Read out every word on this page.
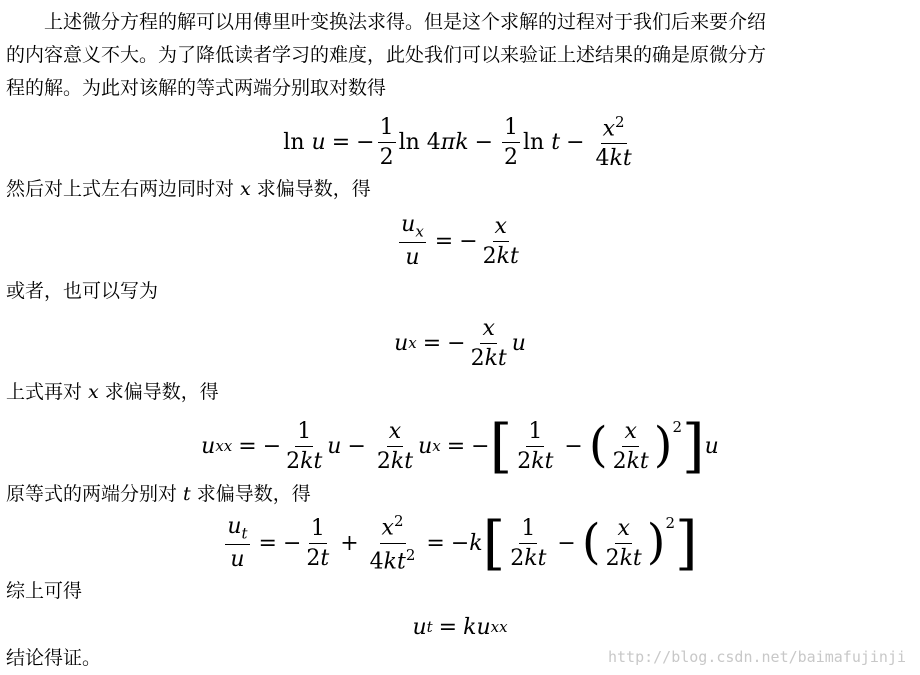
上述微分方程的解可以用傅里叶变换法求得。但是这个求解的过程对于我们后来要介绍
的内容意义不大。为了降低读者学习的难度，此处我们可以来验证上述结果的确是原微分方
程的解。为此对该解的等式两端分别取对数得
ln
u = − $\frac{1}{2}$ ln 4 $\pi k - \frac{1}{2}$ ln
$t - \frac{x^2}{4kt}$
然后对上式左右两边同时对 x 求偏导数，得
$\frac{u_x}{u}$ = − $\frac{x}{2kt}$
或者，也可以写为
u x = − $\frac{x}{2kt}$ u
上式再对 x 求偏导数，得
u xx = − $\frac{1}{2kt}$ $u - \frac{x}{2kt}$ u x = − [ $\frac{1}{2kt}$ − ( $\frac{x}{2kt} )^2$ ] u
原等式的两端分别对 t 求偏导数，得
$\frac{u_t}{u}$ = − $\frac{1}{2t} + \frac{x^2}{4kt^2}$ = − k [ $\frac{1}{2kt}$ − ( $\frac{x}{2kt} )^2$ ]
综上可得
u t = ku xx
结论得证。	http://blog.csdn.net/baimafujinji
